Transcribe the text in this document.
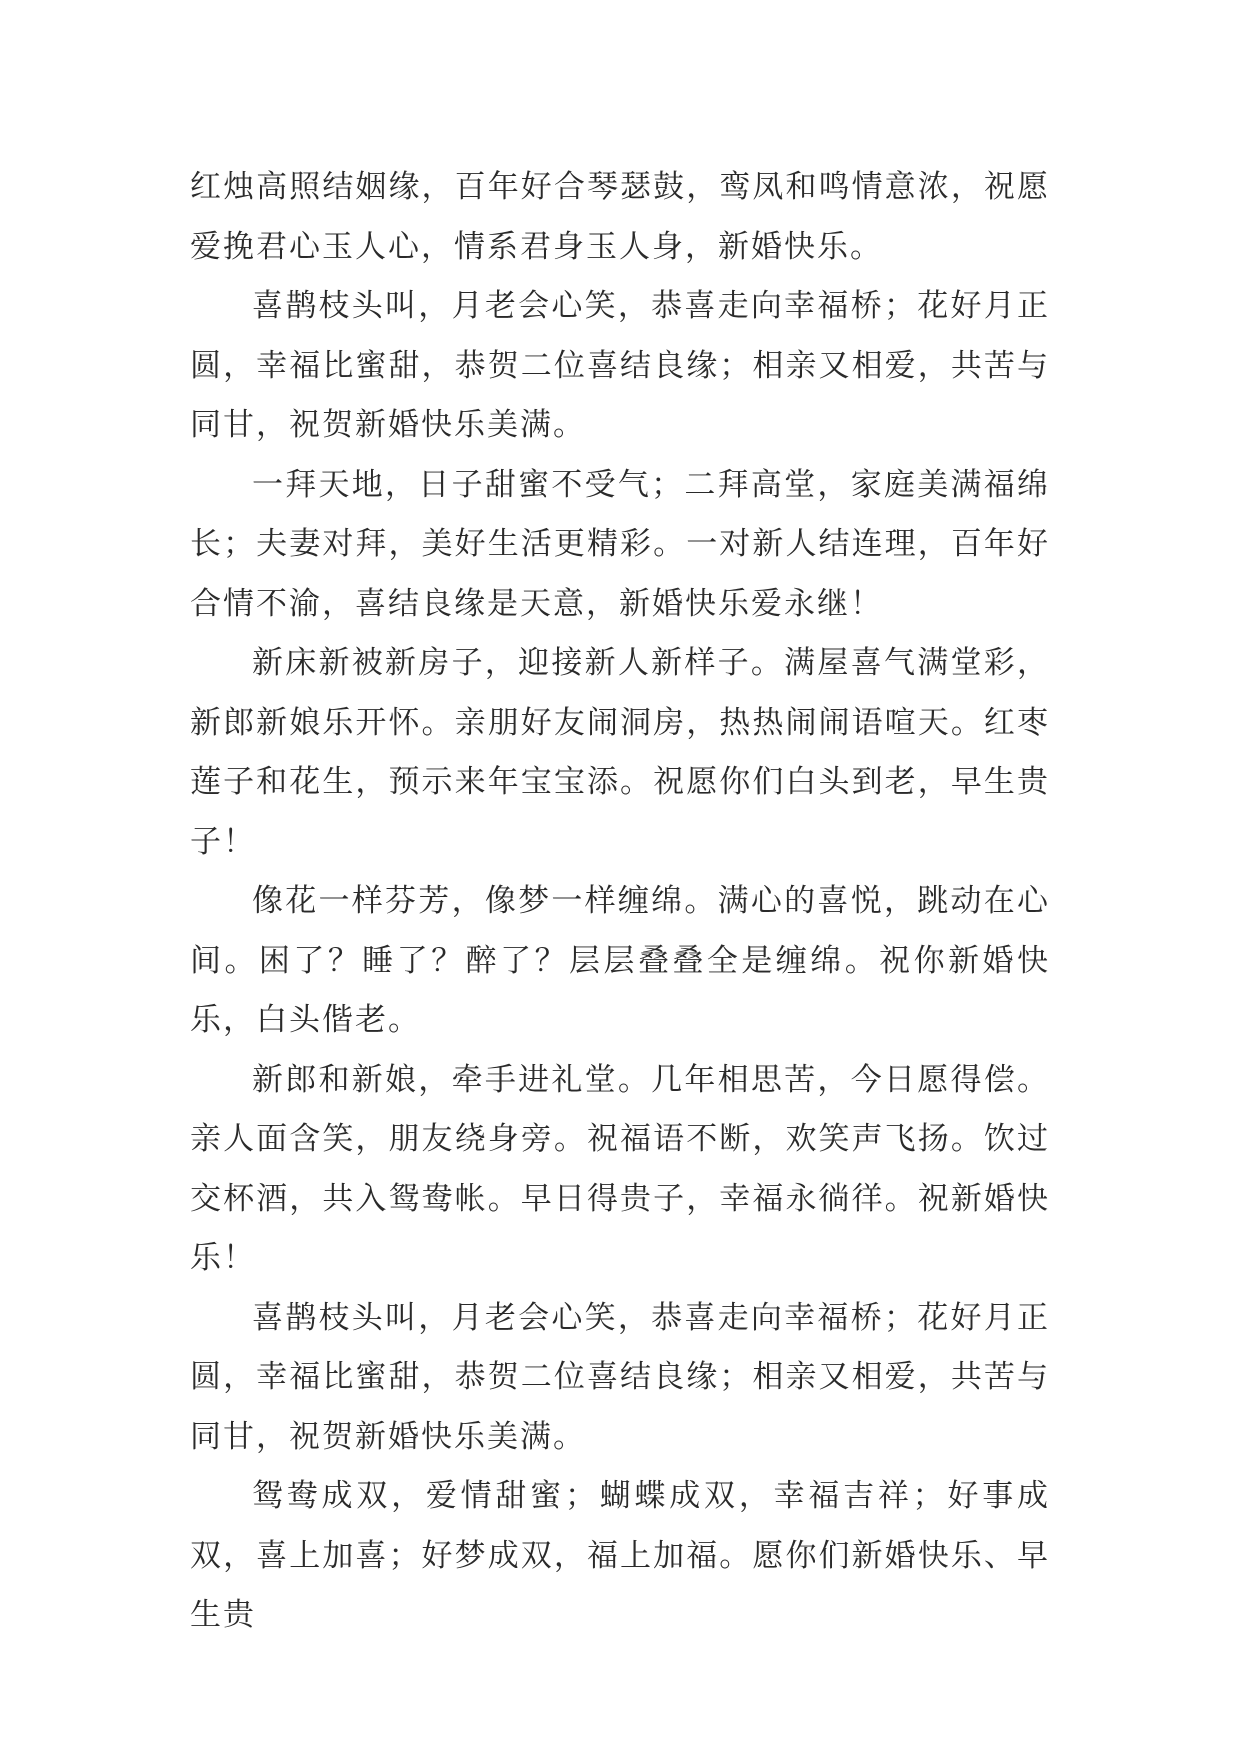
红烛高照结姻缘，百年好合琴瑟鼓，鸾凤和鸣情意浓，祝愿爱挽君心玉人心，情系君身玉人身，新婚快乐。

喜鹊枝头叫，月老会心笑，恭喜走向幸福桥；花好月正圆，幸福比蜜甜，恭贺二位喜结良缘；相亲又相爱，共苦与同甘，祝贺新婚快乐美满。

一拜天地，日子甜蜜不受气；二拜高堂，家庭美满福绵长；夫妻对拜，美好生活更精彩。一对新人结连理，百年好合情不渝，喜结良缘是天意，新婚快乐爱永继！

新床新被新房子，迎接新人新样子。满屋喜气满堂彩，新郎新娘乐开怀。亲朋好友闹洞房，热热闹闹语喧天。红枣莲子和花生，预示来年宝宝添。祝愿你们白头到老，早生贵子！

像花一样芬芳，像梦一样缠绵。满心的喜悦，跳动在心间。困了？睡了？醉了？层层叠叠全是缠绵。祝你新婚快乐，白头偕老。

新郎和新娘，牵手进礼堂。几年相思苦，今日愿得偿。亲人面含笑，朋友绕身旁。祝福语不断，欢笑声飞扬。饮过交杯酒，共入鸳鸯帐。早日得贵子，幸福永徜徉。祝新婚快乐！

喜鹊枝头叫，月老会心笑，恭喜走向幸福桥；花好月正圆，幸福比蜜甜，恭贺二位喜结良缘；相亲又相爱，共苦与同甘，祝贺新婚快乐美满。

鸳鸯成双，爱情甜蜜；蝴蝶成双，幸福吉祥；好事成双，喜上加喜；好梦成双，福上加福。愿你们新婚快乐、早生贵
